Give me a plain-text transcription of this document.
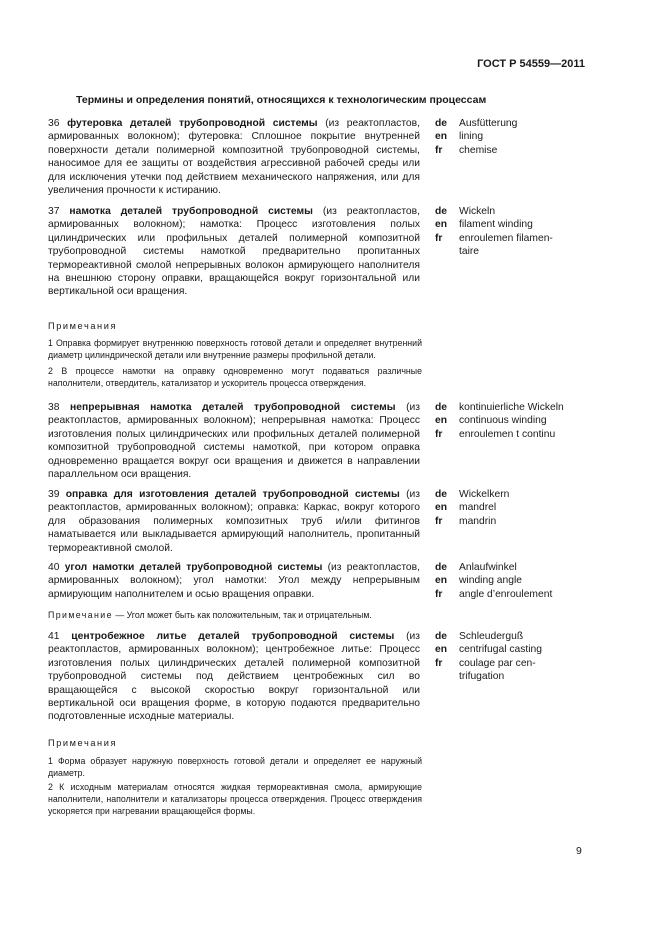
ГОСТ Р 54559—2011
Термины и определения понятий, относящихся к технологическим процессам
36 футеровка деталей трубопроводной системы (из реактопластов, армированных волокном); футеровка: Сплошное покрытие внутренней поверхности детали полимерной композитной трубопроводной системы, наносимое для ее защиты от воздействия агрессивной рабочей среды или для исключения утечки под действием механического напряжения, или для увеличения прочности к истиранию.
de	Ausfütterung
en	lining
fr	chemise
37 намотка деталей трубопроводной системы (из реактопластов, армированных волокном); намотка: Процесс изготовления полых цилиндрических или профильных деталей полимерной композитной трубопроводной системы намоткой предварительно пропитанных термореактивной смолой непрерывных волокон армирующего наполнителя на внешнюю сторону оправки, вращающейся вокруг горизонтальной или вертикальной оси вращения.
de	Wickeln
en	filament winding
fr	enroulemen filamen-
taire
Примечания
1 Оправка формирует внутреннюю поверхность готовой детали и определяет внутренний диаметр цилиндрической детали или внутренние размеры профильной детали.
2 В процессе намотки на оправку одновременно могут подаваться различные наполнители, отвердитель, катализатор и ускоритель процесса отверждения.
38 непрерывная намотка деталей трубопроводной системы (из реактопластов, армированных волокном); непрерывная намотка: Процесс изготовления полых цилиндрических или профильных деталей полимерной композитной трубопроводной системы намоткой, при котором оправка одновременно вращается вокруг оси вращения и движется в направлении параллельном оси вращения.
de	kontinuierliche Wickeln
en	continuous winding
fr	enroulemen t continu
39 оправка для изготовления деталей трубопроводной системы (из реактопластов, армированных волокном); оправка: Каркас, вокруг которого для образования полимерных композитных труб и/или фитингов наматывается или выкладывается армирующий наполнитель, пропитанный термореактивной смолой.
de	Wickelkern
en	mandrel
fr	mandrin
40 угол намотки деталей трубопроводной системы (из реактопластов, армированных волокном); угол намотки: Угол между непрерывным армирующим наполнителем и осью вращения оправки.
de	Anlaufwinkel
en	winding angle
fr	angle d’enroulement
Примечание — Угол может быть как положительным, так и отрицательным.
41 центробежное литье деталей трубопроводной системы (из реактопластов, армированных волокном); центробежное литье: Процесс изготовления полых цилиндрических деталей полимерной композитной трубопроводной системы под действием центробежных сил во вращающейся с высокой скоростью вокруг горизонтальной или вертикальной оси вращения форме, в которую подаются предварительно подготовленные исходные материалы.
de	Schleuderguß
en	centrifugal casting
fr	coulage par cen-
trifugation
Примечания
1 Форма образует наружную поверхность готовой детали и определяет ее наружный диаметр.
2 К исходным материалам относятся жидкая термореактивная смола, армирующие наполнители, наполнители и катализаторы процесса отверждения. Процесс отверждения ускоряется при нагревании вращающейся формы.
9
